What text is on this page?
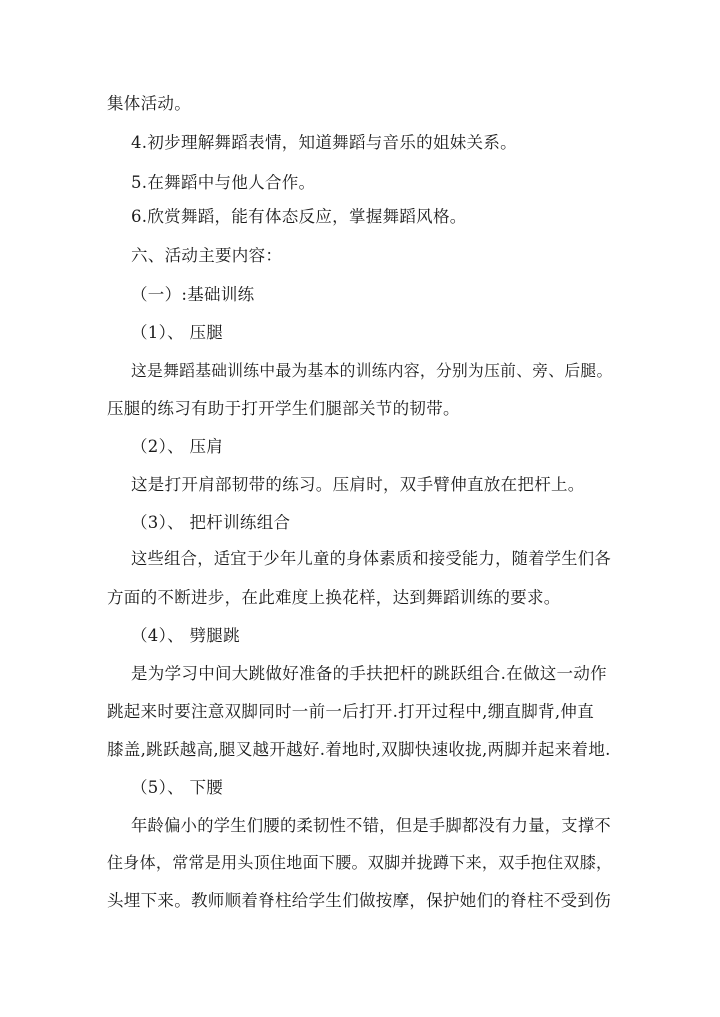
集体活动。
4.初步理解舞蹈表情，知道舞蹈与音乐的姐妹关系。
5.在舞蹈中与他人合作。
6.欣赏舞蹈，能有体态反应，掌握舞蹈风格。
六、活动主要内容：
（一）:基础训练
（1）、 压腿
这是舞蹈基础训练中最为基本的训练内容，分别为压前、旁、后腿。
压腿的练习有助于打开学生们腿部关节的韧带。
（2）、 压肩
这是打开肩部韧带的练习。压肩时，双手臂伸直放在把杆上。
（3）、 把杆训练组合
这些组合，适宜于少年儿童的身体素质和接受能力，随着学生们各
方面的不断进步，在此难度上换花样，达到舞蹈训练的要求。
（4）、 劈腿跳
是为学习中间大跳做好准备的手扶把杆的跳跃组合.在做这一动作
跳起来时要注意双脚同时一前一后打开.打开过程中,绷直脚背,伸直
膝盖,跳跃越高,腿叉越开越好.着地时,双脚快速收拢,两脚并起来着地.
（5）、 下腰
年龄偏小的学生们腰的柔韧性不错，但是手脚都没有力量，支撑不
住身体，常常是用头顶住地面下腰。双脚并拢蹲下来，双手抱住双膝，
头埋下来。教师顺着脊柱给学生们做按摩，保护她们的脊柱不受到伤
